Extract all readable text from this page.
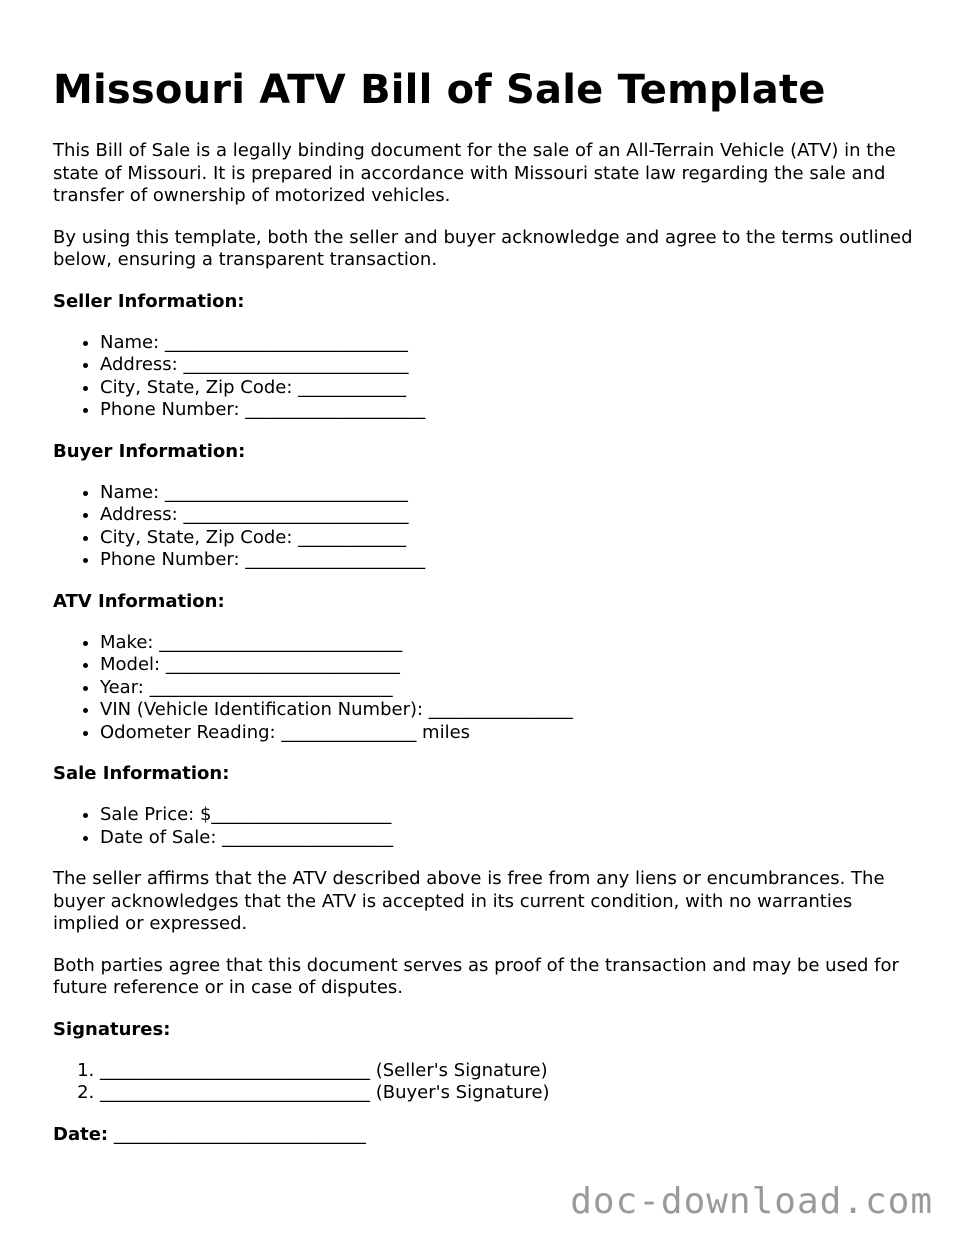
Missouri ATV Bill of Sale Template

This Bill of Sale is a legally binding document for the sale of an All-Terrain Vehicle (ATV) in the state of Missouri. It is prepared in accordance with Missouri state law regarding the sale and transfer of ownership of motorized vehicles.

By using this template, both the seller and buyer acknowledge and agree to the terms outlined below, ensuring a transparent transaction.

Seller Information:
• Name: ___________________________
• Address: _________________________
• City, State, Zip Code: ____________
• Phone Number: ____________________
Buyer Information:
• Name: ___________________________
• Address: _________________________
• City, State, Zip Code: ____________
• Phone Number: ____________________
ATV Information:
• Make: ___________________________
• Model: __________________________
• Year: ___________________________
• VIN (Vehicle Identification Number): ________________
• Odometer Reading: _______________ miles
Sale Information:
• Sale Price: $____________________
• Date of Sale: ___________________

The seller affirms that the ATV described above is free from any liens or encumbrances. The buyer acknowledges that the ATV is accepted in its current condition, with no warranties implied or expressed.

Both parties agree that this document serves as proof of the transaction and may be used for future reference or in case of disputes.

Signatures:
1. ______________________________ (Seller's Signature)
2. ______________________________ (Buyer's Signature)
Date: ____________________________
doc-download.com
